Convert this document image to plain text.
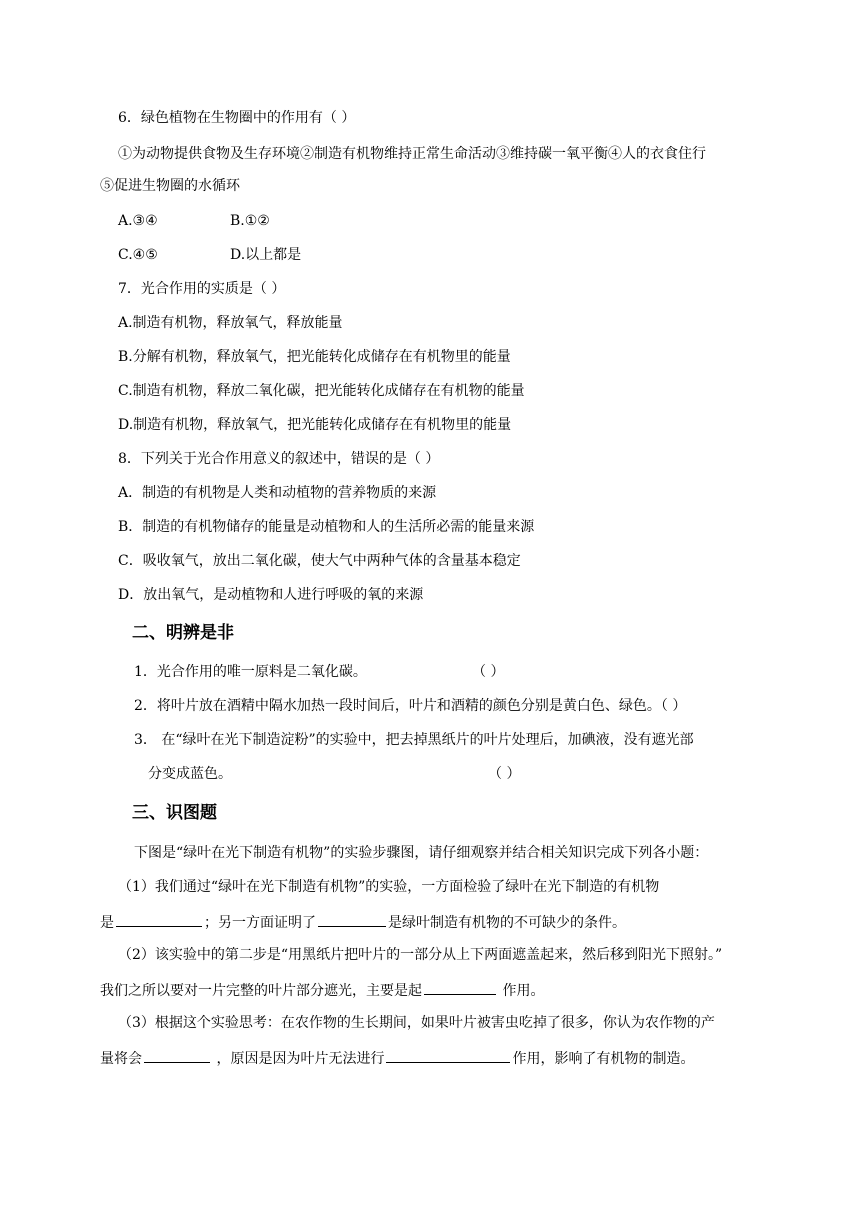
6．绿色植物在生物圈中的作用有（ ）
①为动物提供食物及生存环境②制造有机物维持正常生命活动③维持碳一氧平衡④人的衣食住行
⑤促进生物圈的水循环
A.③④	B.①②
C.④⑤	D.以上都是
7．光合作用的实质是（ ）
A.制造有机物，释放氧气，释放能量
B.分解有机物，释放氧气，把光能转化成储存在有机物里的能量
C.制造有机物，释放二氧化碳，把光能转化成储存在有机物的能量
D.制造有机物，释放氧气，把光能转化成储存在有机物里的能量
8．下列关于光合作用意义的叙述中，错误的是（ ）
A．制造的有机物是人类和动植物的营养物质的来源
B．制造的有机物储存的能量是动植物和人的生活所必需的能量来源
C．吸收氧气，放出二氧化碳，使大气中两种气体的含量基本稳定
D．放出氧气，是动植物和人进行呼吸的氧的来源
二、明辨是非
1．光合作用的唯一原料是二氧化碳。	（ ）
2．将叶片放在酒精中隔水加热一段时间后，叶片和酒精的颜色分别是黄白色、绿色。（ ）
3． 在“绿叶在光下制造淀粉”的实验中，把去掉黑纸片的叶片处理后，加碘液，没有遮光部
分变成蓝色。	（ ）
三、识图题
下图是“绿叶在光下制造有机物”的实验步骤图，请仔细观察并结合相关知识完成下列各小题：
（1）我们通过“绿叶在光下制造有机物”的实验，一方面检验了绿叶在光下制造的有机物
是	；另一方面证明了	是绿叶制造有机物的不可缺少的条件。
（2）该实验中的第二步是“用黑纸片把叶片的一部分从上下两面遮盖起来，然后移到阳光下照射。”
我们之所以要对一片完整的叶片部分遮光，主要是起	作用。
（3）根据这个实验思考：在农作物的生长期间，如果叶片被害虫吃掉了很多，你认为农作物的产
量将会	，原因是因为叶片无法进行	作用，影响了有机物的制造。
